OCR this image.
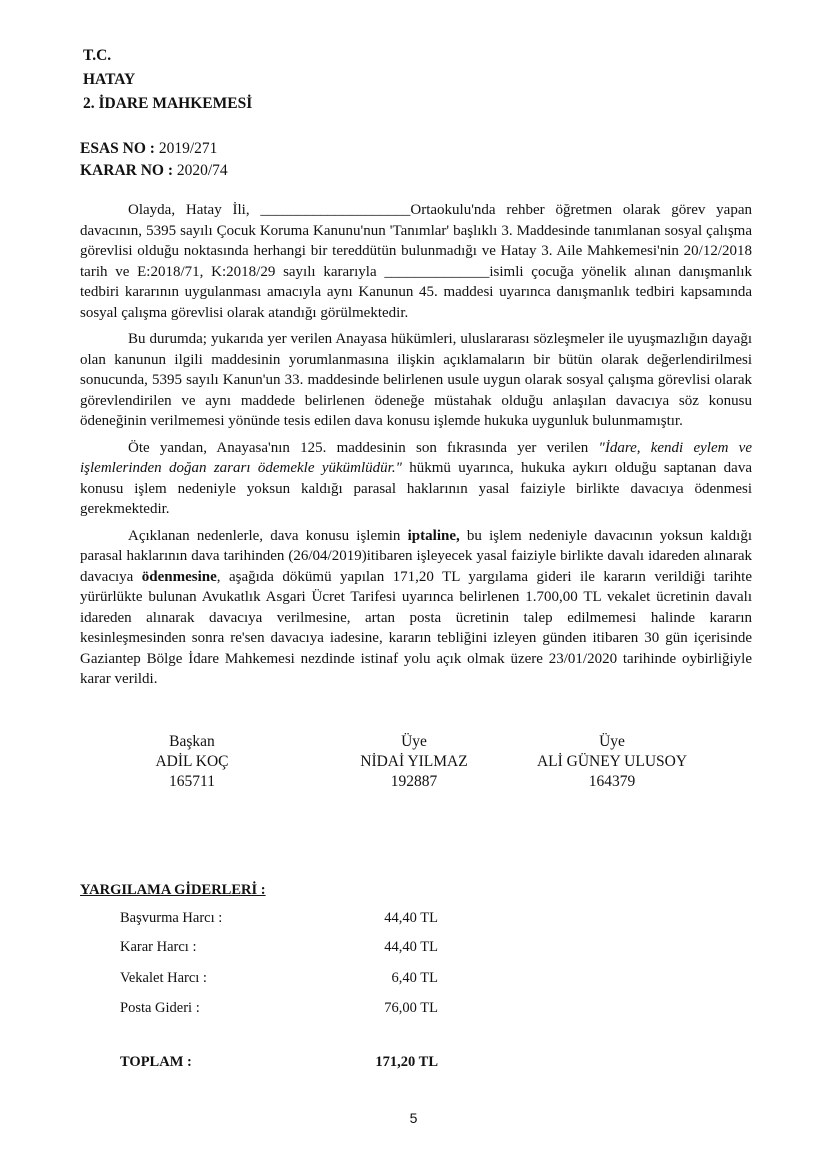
T.C.
HATAY
2. İDARE MAHKEMESİ
ESAS NO : 2019/271
KARAR NO : 2020/74

Olayda, Hatay İli, ____________________Ortaokulu'nda rehber öğretmen olarak görev yapan davacının, 5395 sayılı Çocuk Koruma Kanunu'nun 'Tanımlar' başlıklı 3. Maddesinde tanımlanan sosyal çalışma görevlisi olduğu noktasında herhangi bir tereddütün bulunmadığı ve Hatay 3. Aile Mahkemesi'nin 20/12/2018 tarih ve E:2018/71, K:2018/29 sayılı kararıyla ______________isimli çocuğa yönelik alınan danışmanlık tedbiri kararının uygulanması amacıyla aynı Kanunun 45. maddesi uyarınca danışmanlık tedbiri kapsamında sosyal çalışma görevlisi olarak atandığı görülmektedir.

Bu durumda; yukarıda yer verilen Anayasa hükümleri, uluslararası sözleşmeler ile uyuşmazlığın dayağı olan kanunun ilgili maddesinin yorumlanmasına ilişkin açıklamaların bir bütün olarak değerlendirilmesi sonucunda, 5395 sayılı Kanun'un 33. maddesinde belirlenen usule uygun olarak sosyal çalışma görevlisi olarak görevlendirilen ve aynı maddede belirlenen ödeneğe müstahak olduğu anlaşılan davacıya söz konusu ödeneğinin verilmemesi yönünde tesis edilen dava konusu işlemde hukuka uygunluk bulunmamıştır.

Öte yandan, Anayasa'nın 125. maddesinin son fıkrasında yer verilen "İdare, kendi eylem ve işlemlerinden doğan zararı ödemekle yükümlüdür." hükmü uyarınca, hukuka aykırı olduğu saptanan dava konusu işlem nedeniyle yoksun kaldığı parasal haklarının yasal faiziyle birlikte davacıya ödenmesi gerekmektedir.

Açıklanan nedenlerle, dava konusu işlemin iptaline, bu işlem nedeniyle davacının yoksun kaldığı parasal haklarının dava tarihinden (26/04/2019)itibaren işleyecek yasal faiziyle birlikte davalı idareden alınarak davacıya ödenmesine, aşağıda dökümü yapılan 171,20 TL yargılama gideri ile kararın verildiği tarihte yürürlükte bulunan Avukatlık Asgari Ücret Tarifesi uyarınca belirlenen 1.700,00 TL vekalet ücretinin davalı idareden alınarak davacıya verilmesine, artan posta ücretinin talep edilmemesi halinde kararın kesinleşmesinden sonra re'sen davacıya iadesine, kararın tebliğini izleyen günden itibaren 30 gün içerisinde Gaziantep Bölge İdare Mahkemesi nezdinde istinaf yolu açık olmak üzere 23/01/2020 tarihinde oybirliğiyle karar verildi.

Başkan
ADİL KOÇ
165711
Üye
NİDAİ YILMAZ
192887
Üye
ALİ GÜNEY ULUSOY
164379
YARGILAMA GİDERLERİ :
Başvurma Harcı :	44,40 TL
Karar Harcı :	44,40 TL
Vekalet Harcı :	6,40 TL
Posta Gideri :	76,00 TL
TOPLAM :	171,20 TL
5
